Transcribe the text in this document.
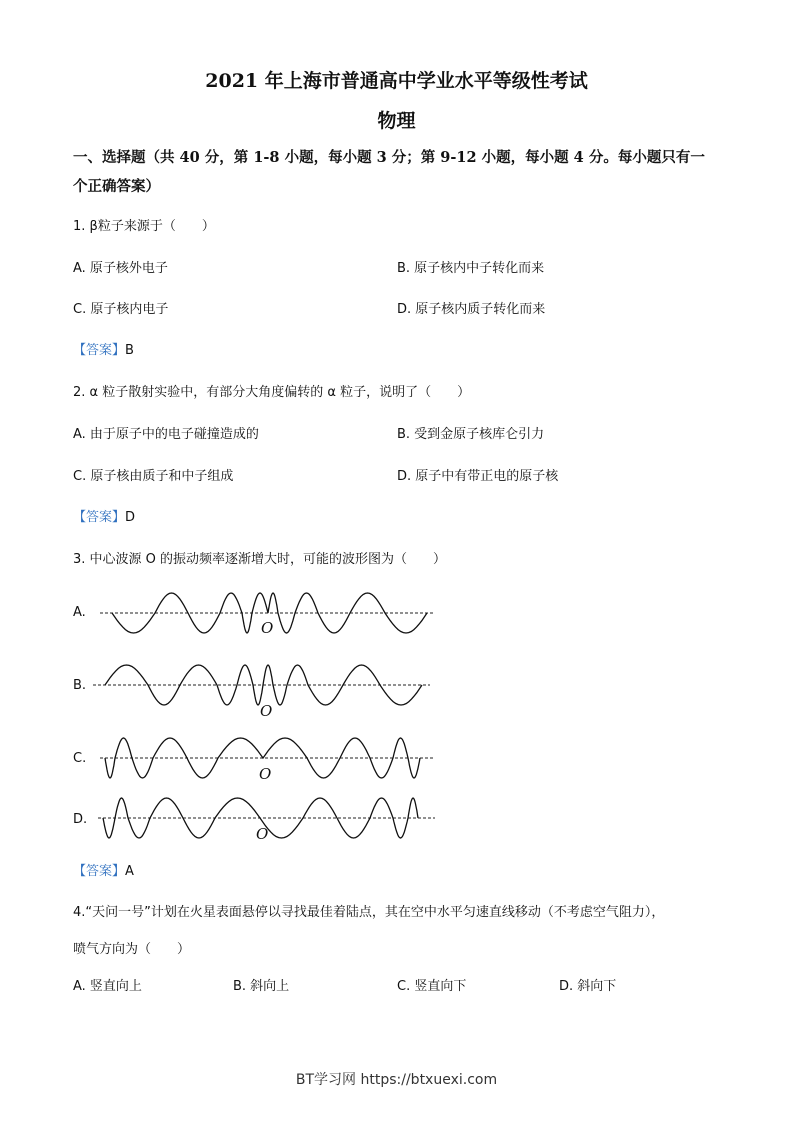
2021 年上海市普通高中学业水平等级性考试
物理
一、选择题（共 40 分，第 1-8 小题，每小题 3 分；第 9-12 小题，每小题 4 分。每小题只有一
个正确答案）
1. β粒子来源于（　　）
A. 原子核外电子	B. 原子核内中子转化而来
C. 原子核内电子	D. 原子核内质子转化而来
【答案】B
2. α 粒子散射实验中，有部分大角度偏转的 α 粒子，说明了（　　）
A. 由于原子中的电子碰撞造成的	B. 受到金原子核库仑引力
C. 原子核由质子和中子组成	D. 原子中有带正电的原子核
【答案】D
3. 中心波源 O 的振动频率逐渐增大时，可能的波形图为（　　）
A.
B.
C.
D.
O
O
O
O
【答案】A
4.“天问一号”计划在火星表面悬停以寻找最佳着陆点，其在空中水平匀速直线移动（不考虑空气阻力），
喷气方向为（　　）
A. 竖直向上	B. 斜向上	C. 竖直向下	D. 斜向下
BT学习网 https://btxuexi.com
